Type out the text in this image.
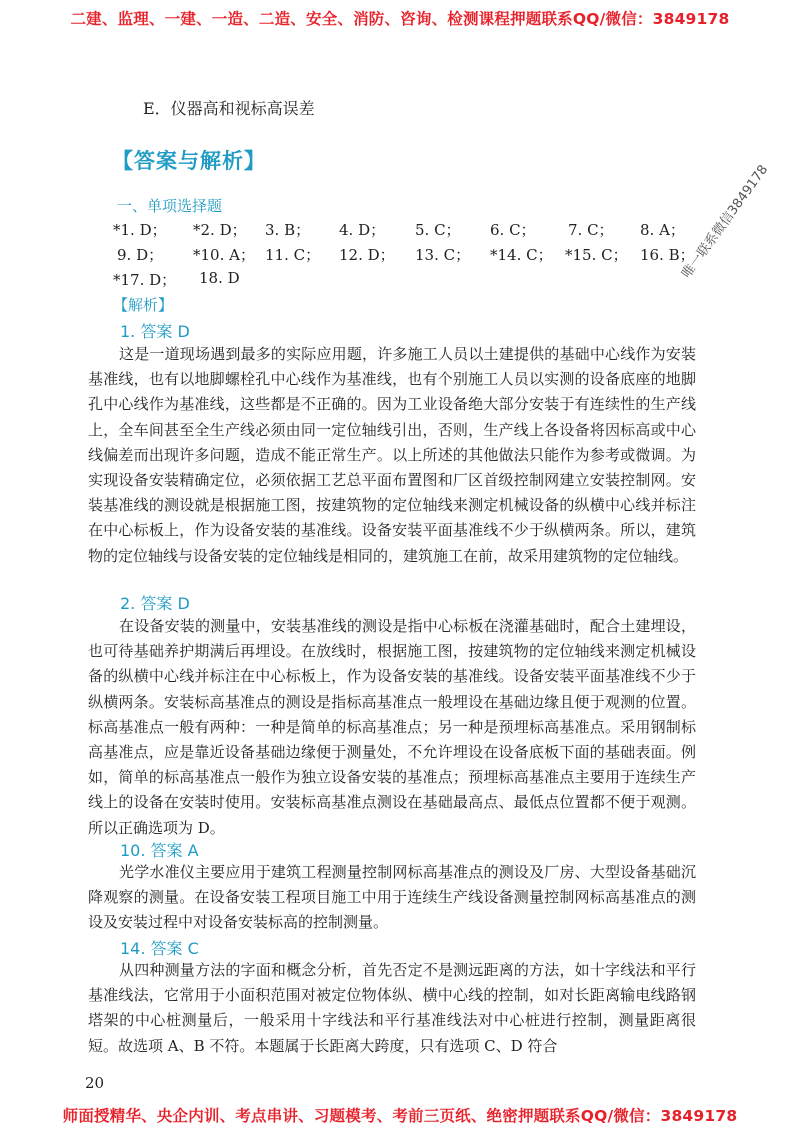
二建、监理、一建、一造、二造、安全、消防、咨询、检测课程押题联系QQ/微信：3849178
E．仪器高和视标高误差
【答案与解析】
一、单项选择题
*1. D； *2. D； 3. B； 4. D； 5. C； 6. C； 7. C； 8. A；
9. D； *10. A； 11. C； 12. D； 13. C； *14. C； *15. C； 16. B；
*17. D； 18. D
【解析】
1. 答案 D

这是一道现场遇到最多的实际应用题，许多施工人员以土建提供的基础中心线作为安装基准线，也有以地脚螺栓孔中心线作为基准线，也有个别施工人员以实测的设备底座的地脚孔中心线作为基准线，这些都是不正确的。因为工业设备绝大部分安装于有连续性的生产线上，全车间甚至全生产线必须由同一定位轴线引出，否则，生产线上各设备将因标高或中心线偏差而出现许多问题，造成不能正常生产。以上所述的其他做法只能作为参考或微调。为实现设备安装精确定位，必须依据工艺总平面布置图和厂区首级控制网建立安装控制网。安装基准线的测设就是根据施工图，按建筑物的定位轴线来测定机械设备的纵横中心线并标注在中心标板上，作为设备安装的基准线。设备安装平面基准线不少于纵横两条。所以，建筑物的定位轴线与设备安装的定位轴线是相同的，建筑施工在前，故采用建筑物的定位轴线。

2. 答案 D

在设备安装的测量中，安装基准线的测设是指中心标板在浇灌基础时，配合土建埋设，也可待基础养护期满后再埋设。在放线时，根据施工图，按建筑物的定位轴线来测定机械设备的纵横中心线并标注在中心标板上，作为设备安装的基准线。设备安装平面基准线不少于纵横两条。安装标高基准点的测设是指标高基准点一般埋设在基础边缘且便于观测的位置。标高基准点一般有两种：一种是简单的标高基准点；另一种是预埋标高基准点。采用钢制标高基准点，应是靠近设备基础边缘便于测量处，不允许埋设在设备底板下面的基础表面。例如，简单的标高基准点一般作为独立设备安装的基准点；预埋标高基准点主要用于连续生产线上的设备在安装时使用。安装标高基准点测设在基础最高点、最低点位置都不便于观测。所以正确选项为 D。

10. 答案 A

光学水准仪主要应用于建筑工程测量控制网标高基准点的测设及厂房、大型设备基础沉降观察的测量。在设备安装工程项目施工中用于连续生产线设备测量控制网标高基准点的测设及安装过程中对设备安装标高的控制测量。

14. 答案 C

从四种测量方法的字面和概念分析，首先否定不是测远距离的方法，如十字线法和平行基准线法，它常用于小面积范围对被定位物体纵、横中心线的控制，如对长距离输电线路钢塔架的中心桩测量后，一般采用十字线法和平行基准线法对中心桩进行控制，测量距离很短。故选项 A、B 不符。本题属于长距离大跨度，只有选项 C、D 符合

20
唯一联系微信3849178
师面授精华、央企内训、考点串讲、习题模考、考前三页纸、绝密押题联系QQ/微信：3849178
